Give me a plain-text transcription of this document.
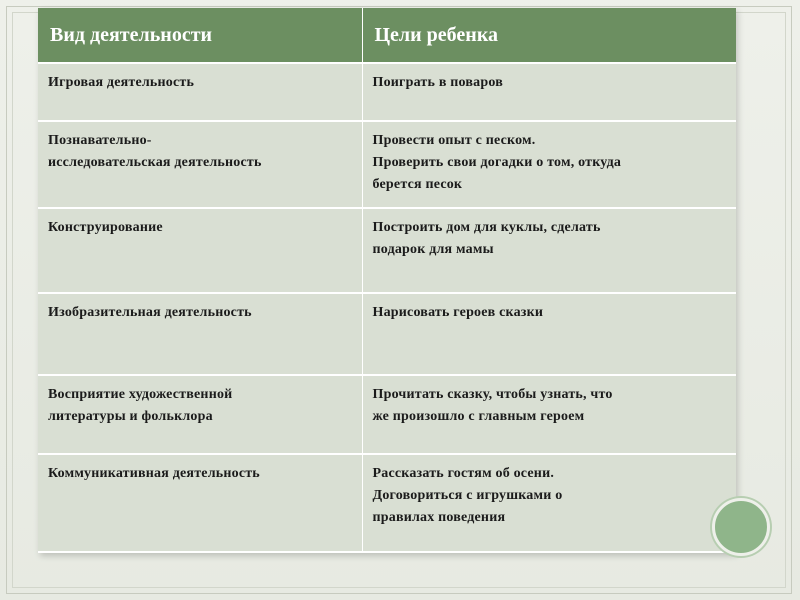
Вид деятельности	Цели ребенка

Игровая деятельность	Поиграть в поваров

Познавательно-
исследовательская деятельность	Провести опыт с песком.
Проверить свои догадки о том, откуда
берется песок

Конструирование	Построить дом для куклы, сделать
подарок для мамы

Изобразительная деятельность	Нарисовать героев сказки

Восприятие художественной
литературы и фольклора	Прочитать сказку, чтобы узнать, что
же произошло с главным героем

Коммуникативная деятельность	Рассказать гостям об осени.
Договориться с игрушками о
правилах поведения
